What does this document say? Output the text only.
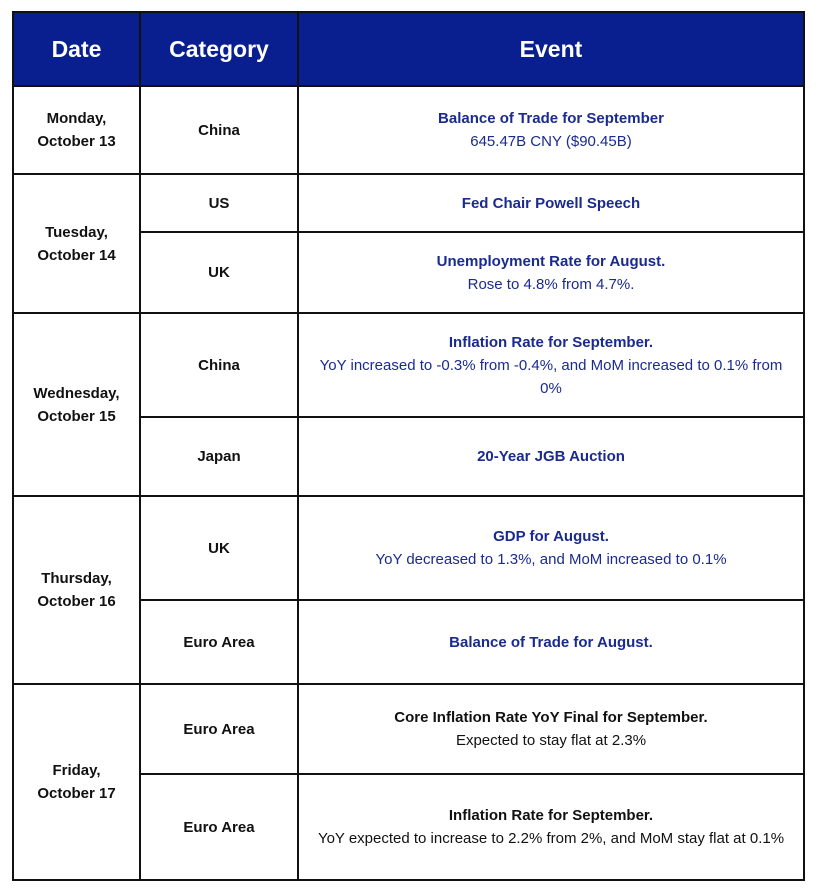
Date	Category	Event

Monday,
October 13	China	Balance of Trade for September
645.47B CNY ($90.45B)

Tuesday,
October 14	US	Fed Chair Powell Speech

	UK	Unemployment Rate for August.
Rose to 4.8% from 4.7%.

Wednesday,
October 15	China	Inflation Rate for September.
YoY increased to -0.3% from -0.4%, and MoM increased to 0.1% from 0%

	Japan	20-Year JGB Auction

Thursday,
October 16	UK	GDP for August.
YoY decreased to 1.3%, and MoM increased to 0.1%

	Euro Area	Balance of Trade for August.

Friday,
October 17	Euro Area	Core Inflation Rate YoY Final for September.
Expected to stay flat at 2.3%

	Euro Area	Inflation Rate for September.
YoY expected to increase to 2.2% from 2%, and MoM stay flat at 0.1%
